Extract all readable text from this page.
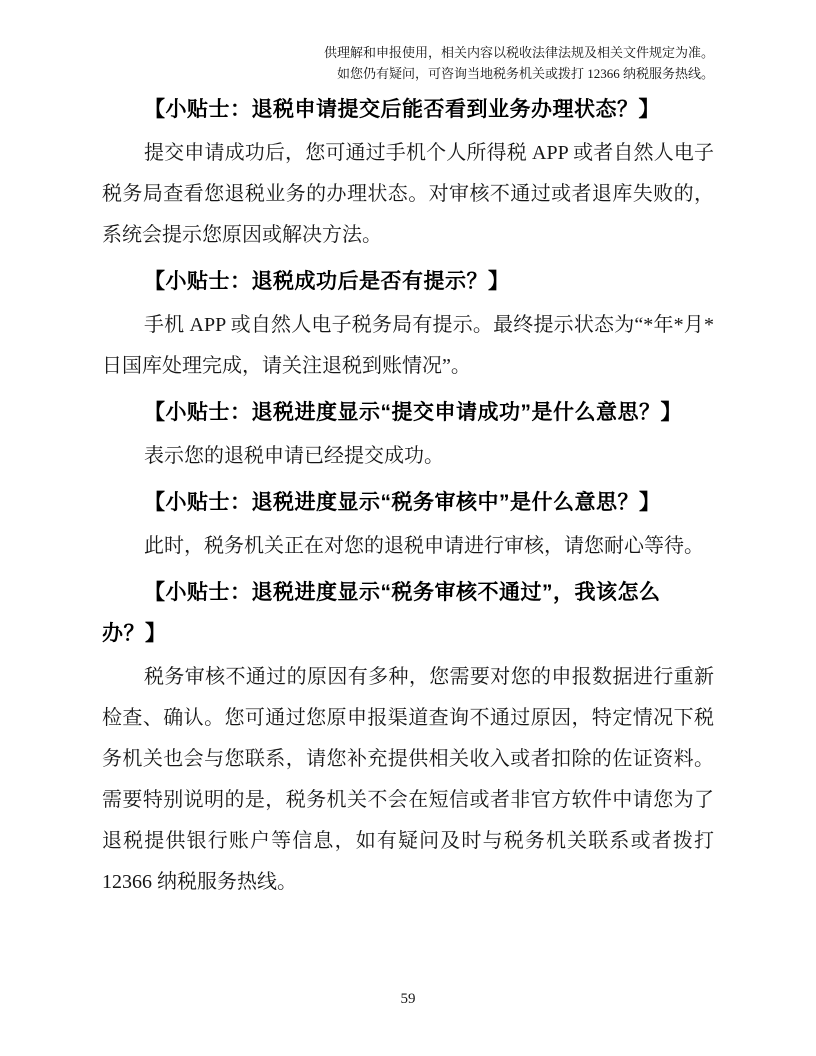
供理解和申报使用，相关内容以税收法律法规及相关文件规定为准。
如您仍有疑问，可咨询当地税务机关或拨打 12366 纳税服务热线。
【小贴士：退税申请提交后能否看到业务办理状态？】

提交申请成功后，您可通过手机个人所得税 APP 或者自然人电子税务局查看您退税业务的办理状态。对审核不通过或者退库失败的，系统会提示您原因或解决方法。

【小贴士：退税成功后是否有提示？】

手机 APP 或自然人电子税务局有提示。最终提示状态为“*年*月*日国库处理完成，请关注退税到账情况”。

【小贴士：退税进度显示“提交申请成功”是什么意思？】

表示您的退税申请已经提交成功。

【小贴士：退税进度显示“税务审核中”是什么意思？】

此时，税务机关正在对您的退税申请进行审核，请您耐心等待。

【小贴士：退税进度显示“税务审核不通过”，我该怎么办？】

税务审核不通过的原因有多种，您需要对您的申报数据进行重新检查、确认。您可通过您原申报渠道查询不通过原因，特定情况下税务机关也会与您联系，请您补充提供相关收入或者扣除的佐证资料。需要特别说明的是，税务机关不会在短信或者非官方软件中请您为了退税提供银行账户等信息，如有疑问及时与税务机关联系或者拨打 12366 纳税服务热线。

59
